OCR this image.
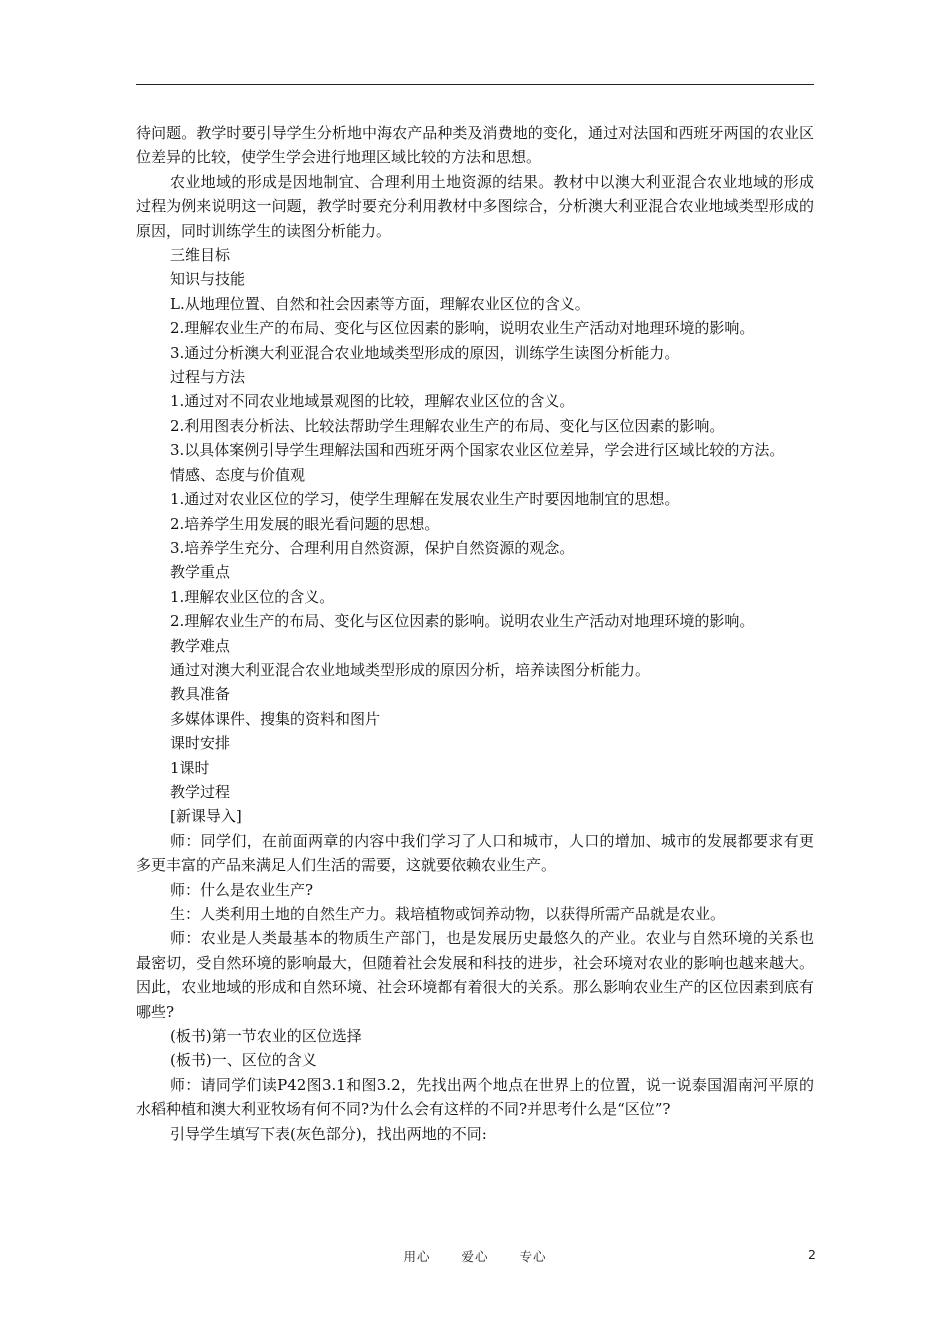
待问题。教学时要引导学生分析地中海农产品种类及消费地的变化，通过对法国和西班牙两国的农业区位差异的比较，使学生学会进行地理区域比较的方法和思想。

农业地域的形成是因地制宜、合理利用土地资源的结果。教材中以澳大利亚混合农业地域的形成过程为例来说明这一问题，教学时要充分利用教材中多图综合，分析澳大利亚混合农业地域类型形成的原因，同时训练学生的读图分析能力。

三维目标

知识与技能

L.从地理位置、自然和社会因素等方面，理解农业区位的含义。

2.理解农业生产的布局、变化与区位因素的影响，说明农业生产活动对地理环境的影响。

3.通过分析澳大利亚混合农业地域类型形成的原因，训练学生读图分析能力。

过程与方法

1.通过对不同农业地域景观图的比较，理解农业区位的含义。

2.利用图表分析法、比较法帮助学生理解农业生产的布局、变化与区位因素的影响。

3.以具体案例引导学生理解法国和西班牙两个国家农业区位差异，学会进行区域比较的方法。

情感、态度与价值观

1.通过对农业区位的学习，使学生理解在发展农业生产时要因地制宜的思想。

2.培养学生用发展的眼光看问题的思想。

3.培养学生充分、合理利用自然资源，保护自然资源的观念。

教学重点

1.理解农业区位的含义。

2.理解农业生产的布局、变化与区位因素的影响。说明农业生产活动对地理环境的影响。

教学难点

通过对澳大利亚混合农业地域类型形成的原因分析，培养读图分析能力。

教具准备

多媒体课件、搜集的资料和图片

课时安排

1课时

教学过程

[新课导入]

师：同学们，在前面两章的内容中我们学习了人口和城市，人口的增加、城市的发展都要求有更多更丰富的产品来满足人们生活的需要，这就要依赖农业生产。

师：什么是农业生产?

生：人类利用土地的自然生产力。栽培植物或饲养动物，以获得所需产品就是农业。

师：农业是人类最基本的物质生产部门，也是发展历史最悠久的产业。农业与自然环境的关系也最密切，受自然环境的影响最大，但随着社会发展和科技的进步，社会环境对农业的影响也越来越大。因此，农业地域的形成和自然环境、社会环境都有着很大的关系。那么影响农业生产的区位因素到底有哪些?

(板书)第一节农业的区位选择

(板书)一、区位的含义

师：请同学们读P42图3.1和图3.2，先找出两个地点在世界上的位置，说一说泰国湄南河平原的水稻种植和澳大利亚牧场有何不同?为什么会有这样的不同?并思考什么是“区位”?

引导学生填写下表(灰色部分)，找出两地的不同:

用心 爱心 专心	2
